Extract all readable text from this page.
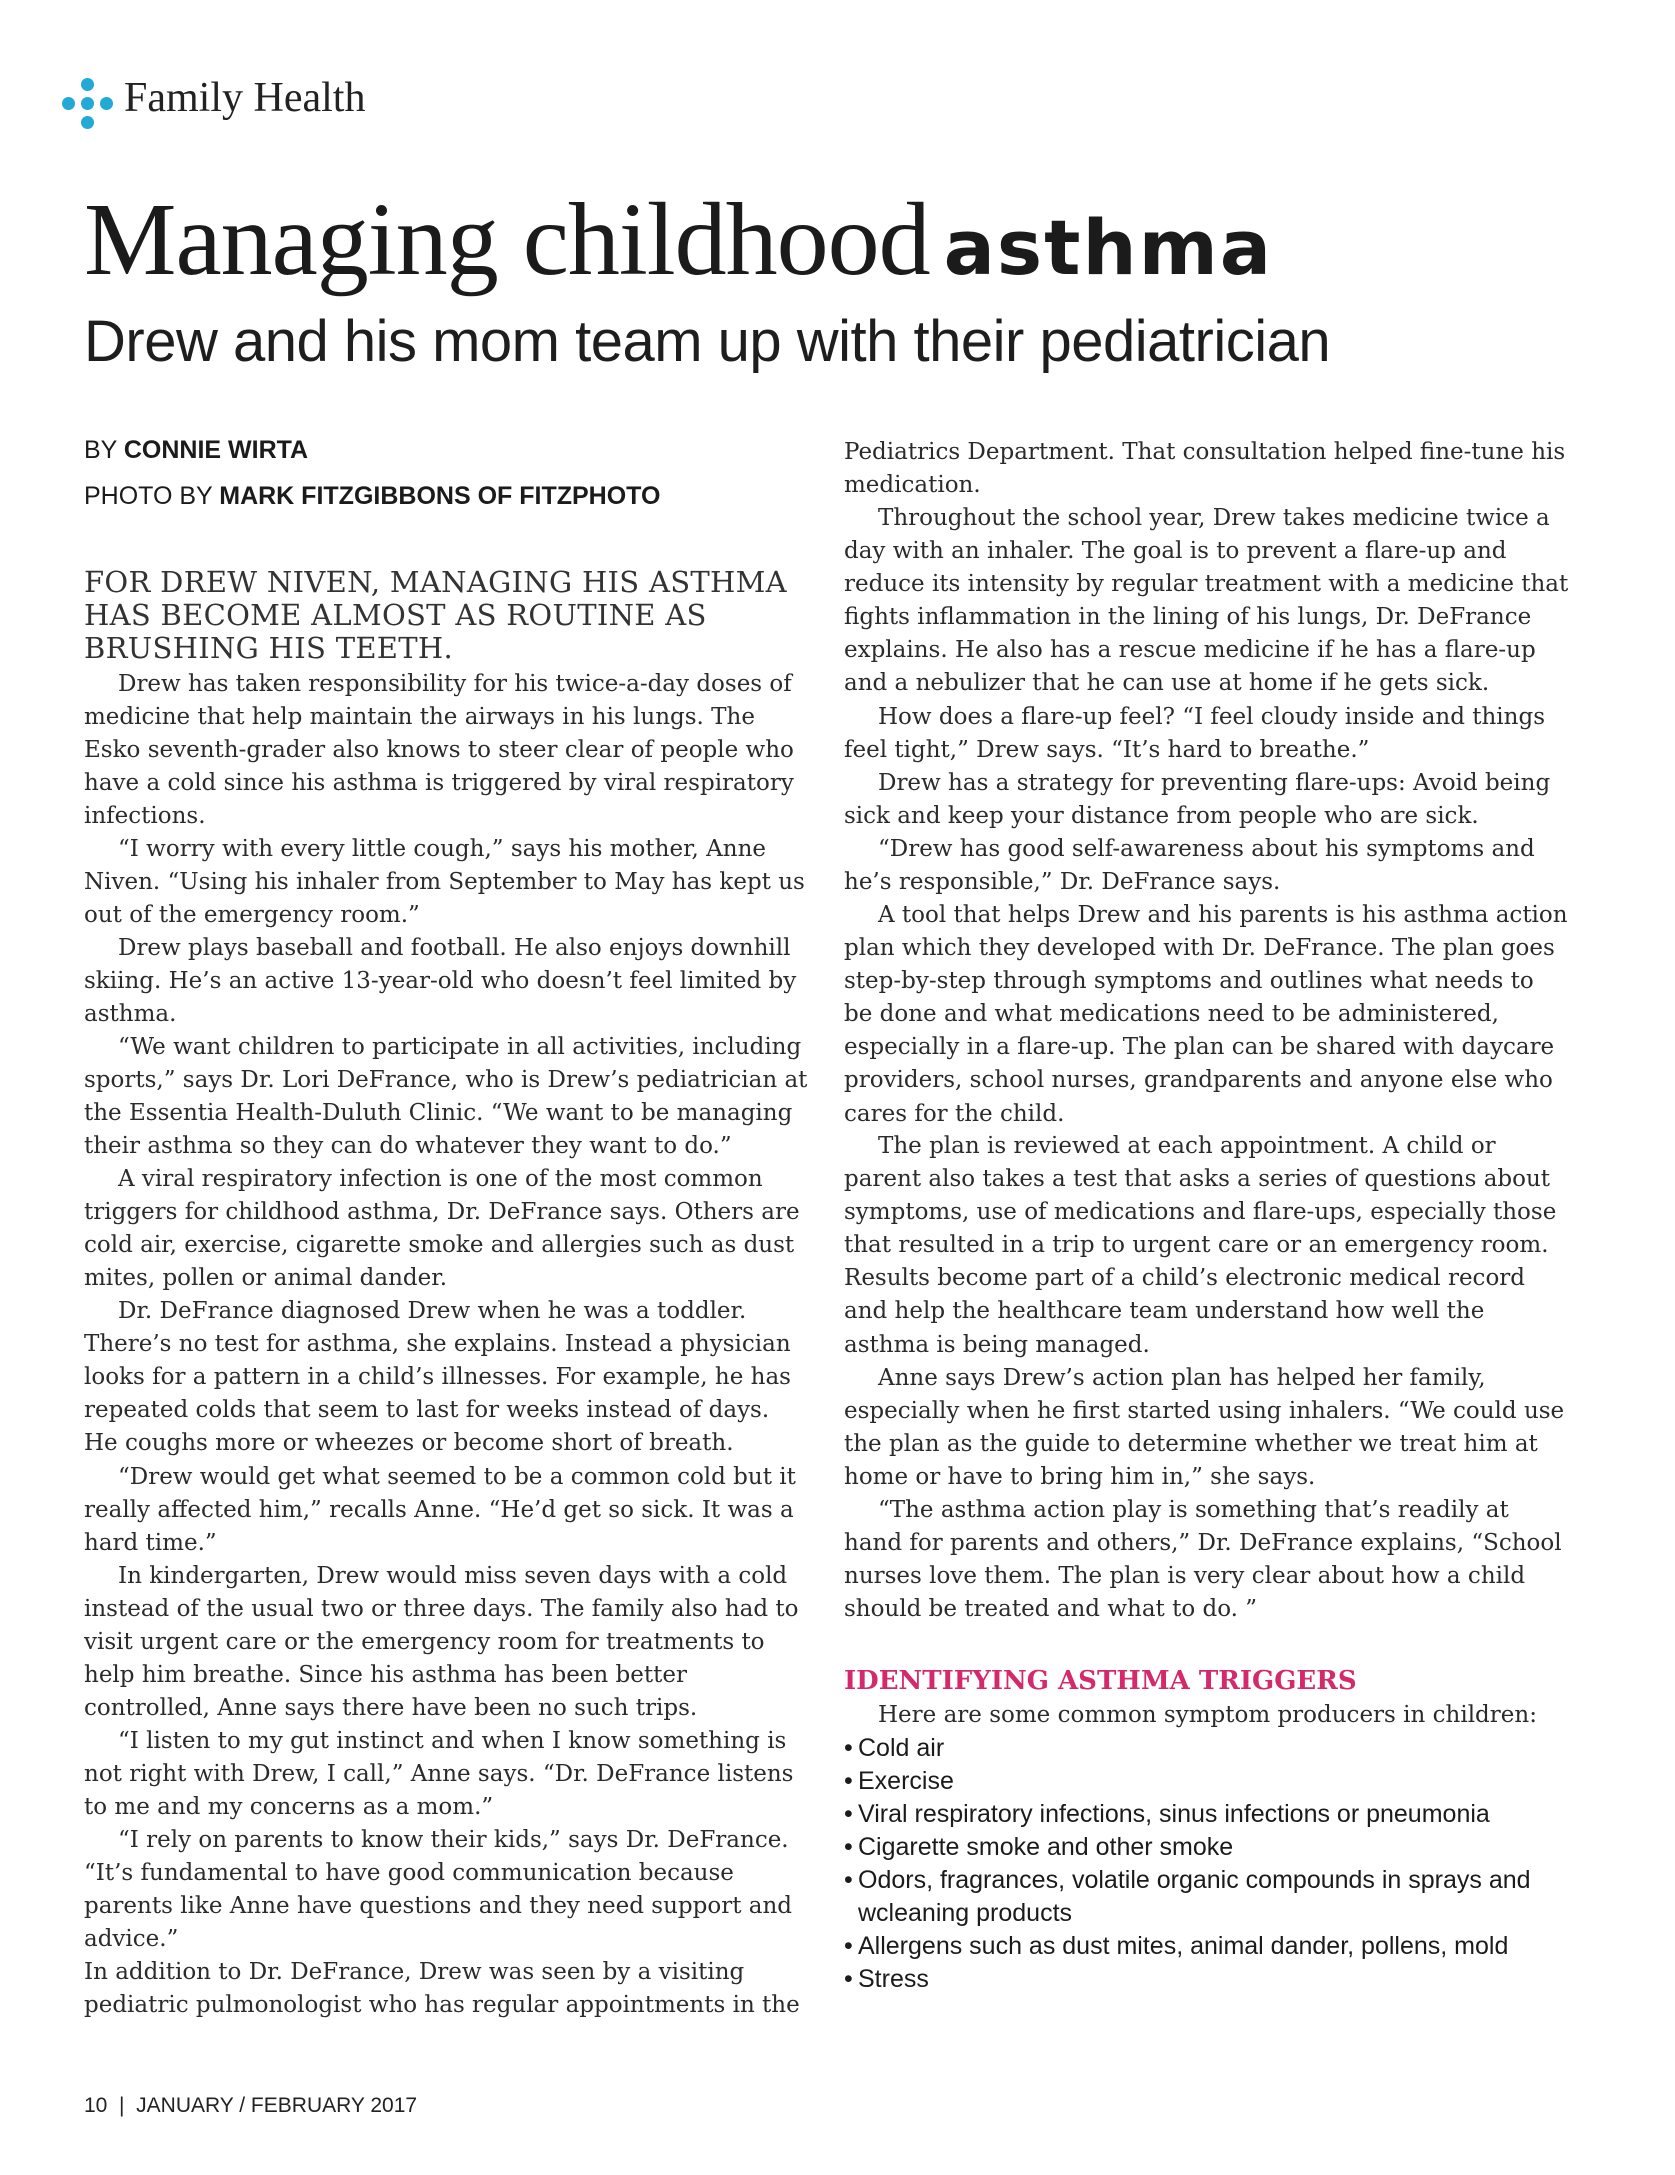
Family Health
Managing childhood asthma
Drew and his mom team up with their pediatrician
BY CONNIE WIRTA
PHOTO BY MARK FITZGIBBONS OF FITZPHOTO

FOR DREW NIVEN, MANAGING HIS ASTHMA HAS BECOME ALMOST AS ROUTINE AS BRUSHING HIS TEETH.

Drew has taken responsibility for his twice-a-day doses of medicine that help maintain the airways in his lungs. The Esko seventh-grader also knows to steer clear of people who have a cold since his asthma is triggered by viral respiratory infections.

“I worry with every little cough,” says his mother, Anne Niven. “Using his inhaler from September to May has kept us out of the emergency room.”

Drew plays baseball and football. He also enjoys downhill skiing. He’s an active 13-year-old who doesn’t feel limited by asthma.

“We want children to participate in all activities, including sports,” says Dr. Lori DeFrance, who is Drew’s pediatrician at the Essentia Health-Duluth Clinic. “We want to be managing their asthma so they can do whatever they want to do.”

A viral respiratory infection is one of the most common triggers for childhood asthma, Dr. DeFrance says. Others are cold air, exercise, cigarette smoke and allergies such as dust mites, pollen or animal dander.

Dr. DeFrance diagnosed Drew when he was a toddler. There’s no test for asthma, she explains. Instead a physician looks for a pattern in a child’s illnesses. For example, he has repeated colds that seem to last for weeks instead of days. He coughs more or wheezes or become short of breath.

“Drew would get what seemed to be a common cold but it really affected him,” recalls Anne. “He’d get so sick. It was a hard time.”

In kindergarten, Drew would miss seven days with a cold instead of the usual two or three days. The family also had to visit urgent care or the emergency room for treatments to help him breathe. Since his asthma has been better controlled, Anne says there have been no such trips.

“I listen to my gut instinct and when I know something is not right with Drew, I call,” Anne says. “Dr. DeFrance listens to me and my concerns as a mom.”

“I rely on parents to know their kids,” says Dr. DeFrance. “It’s fundamental to have good communication because parents like Anne have questions and they need support and advice.”

In addition to Dr. DeFrance, Drew was seen by a visiting pediatric pulmonologist who has regular appointments in the

Pediatrics Department. That consultation helped fine-tune his medication.

Throughout the school year, Drew takes medicine twice a day with an inhaler. The goal is to prevent a flare-up and reduce its intensity by regular treatment with a medicine that fights inflammation in the lining of his lungs, Dr. DeFrance explains. He also has a rescue medicine if he has a flare-up and a nebulizer that he can use at home if he gets sick.

How does a flare-up feel? “I feel cloudy inside and things feel tight,” Drew says. “It’s hard to breathe.”

Drew has a strategy for preventing flare-ups: Avoid being sick and keep your distance from people who are sick.

“Drew has good self-awareness about his symptoms and he’s responsible,” Dr. DeFrance says.

A tool that helps Drew and his parents is his asthma action plan which they developed with Dr. DeFrance. The plan goes step-by-step through symptoms and outlines what needs to be done and what medications need to be administered, especially in a flare-up. The plan can be shared with daycare providers, school nurses, grandparents and anyone else who cares for the child.

The plan is reviewed at each appointment. A child or parent also takes a test that asks a series of questions about symptoms, use of medications and flare-ups, especially those that resulted in a trip to urgent care or an emergency room. Results become part of a child’s electronic medical record and help the healthcare team understand how well the asthma is being managed.

Anne says Drew’s action plan has helped her family, especially when he first started using inhalers. “We could use the plan as the guide to determine whether we treat him at home or have to bring him in,” she says.

“The asthma action play is something that’s readily at hand for parents and others,” Dr. DeFrance explains, “School nurses love them. The plan is very clear about how a child should be treated and what to do. ”

IDENTIFYING ASTHMA TRIGGERS

Here are some common symptom producers in children:

• Cold air
• Exercise
• Viral respiratory infections, sinus infections or pneumonia
• Cigarette smoke and other smoke
• Odors, fragrances, volatile organic compounds in sprays and wcleaning products
• Allergens such as dust mites, animal dander, pollens, mold
• Stress
10 | JANUARY / FEBRUARY 2017
